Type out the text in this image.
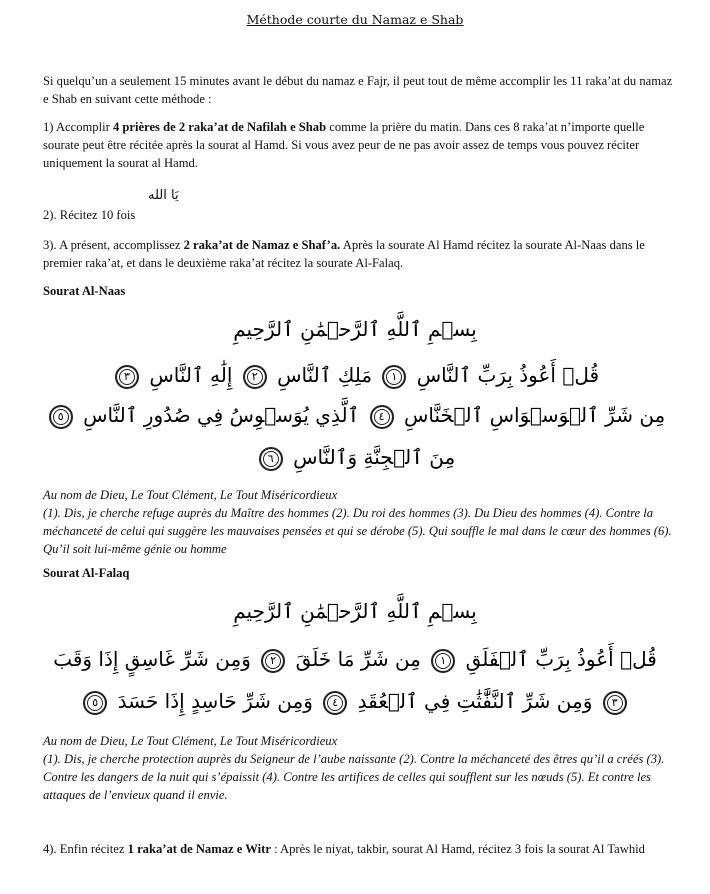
Méthode courte du Namaz e Shab
Si quelqu’un a seulement 15 minutes avant le début du namaz e Fajr, il peut tout de même accomplir les 11 raka’at du namaz e Shab en suivant cette méthode :
1) Accomplir 4 prières de 2 raka’at de Nafilah e Shab comme la prière du matin. Dans ces 8 raka’at n’importe quelle sourate peut être récitée après la sourat al Hamd. Si vous avez peur de ne pas avoir assez de temps vous pouvez réciter uniquement la sourat al Hamd.
2). Récitez 10 fois
يَا الله
3). A présent, accomplissez 2 raka’at de Namaz e Shaf’a. Après la sourate Al Hamd récitez la sourate Al-Naas dans le premier raka’at, et dans le deuxième raka’at récitez la sourate Al-Falaq.
Sourat Al-Naas
بِسۡمِ ٱللَّهِ ٱلرَّحۡمَٰنِ ٱلرَّحِيمِ
قُلۡ أَعُوذُ بِرَبِّ ٱلنَّاسِ ١ مَلِكِ ٱلنَّاسِ ٢ إِلَٰهِ ٱلنَّاسِ ٣
مِن شَرِّ ٱلۡوَسۡوَاسِ ٱلۡخَنَّاسِ ٤ ٱلَّذِي يُوَسۡوِسُ فِي صُدُورِ ٱلنَّاسِ ٥
مِنَ ٱلۡجِنَّةِ وَٱلنَّاسِ ٦
Au nom de Dieu, Le Tout Clément, Le Tout Miséricordieux
(1). Dis, je cherche refuge auprès du Maître des hommes (2). Du roi des hommes (3). Du Dieu des hommes (4). Contre la méchanceté de celui qui suggère les mauvaises pensées et qui se dérobe (5). Qui souffle le mal dans le cœur des hommes (6). Qu’il soit lui-même génie ou homme
Sourat Al-Falaq
بِسۡمِ ٱللَّهِ ٱلرَّحۡمَٰنِ ٱلرَّحِيمِ
قُلۡ أَعُوذُ بِرَبِّ ٱلۡفَلَقِ ١ مِن شَرِّ مَا خَلَقَ ٢ وَمِن شَرِّ غَاسِقٍ إِذَا وَقَبَ
٣ وَمِن شَرِّ ٱلنَّفَّٰثَٰتِ فِي ٱلۡعُقَدِ ٤ وَمِن شَرِّ حَاسِدٍ إِذَا حَسَدَ ٥
Au nom de Dieu, Le Tout Clément, Le Tout Miséricordieux
(1). Dis, je cherche protection auprès du Seigneur de l’aube naissante (2). Contre la méchanceté des êtres qu’il a créés (3). Contre les dangers de la nuit qui s’épaissit (4). Contre les artifices de celles qui soufflent sur les nœuds (5). Et contre les attaques de l’envieux quand il envie.
4). Enfin récitez 1 raka’at de Namaz e Witr : Après le niyat, takbir, sourat Al Hamd, récitez 3 fois la sourat Al Tawhid
